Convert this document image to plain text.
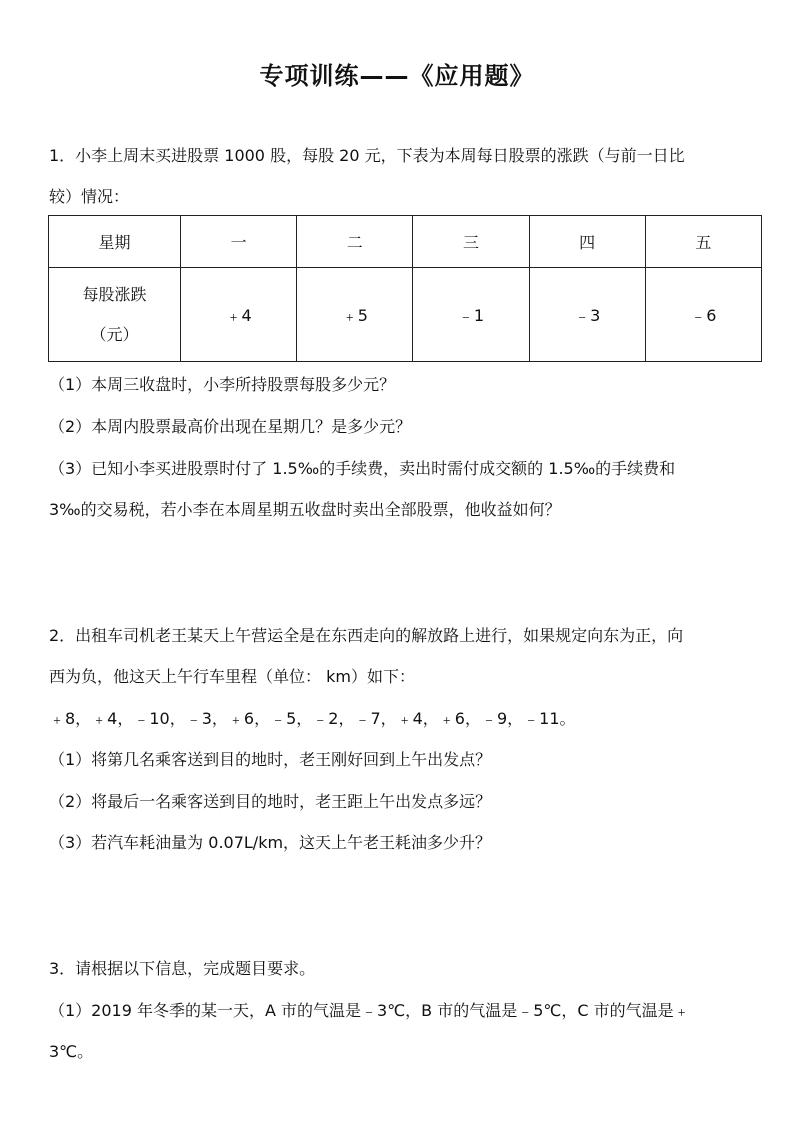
专项训练——《应用题》
1．小李上周末买进股票 1000 股，每股 20 元，下表为本周每日股票的涨跌（与前一日比
较）情况：
星期	一	二	三	四	五

每股涨跌
（元）	﹢4	﹢5	﹣1	﹣3	﹣6
（1）本周三收盘时，小李所持股票每股多少元？
（2）本周内股票最高价出现在星期几？是多少元？
（3）已知小李买进股票时付了 1.5‰的手续费，卖出时需付成交额的 1.5‰的手续费和
3‰的交易税，若小李在本周星期五收盘时卖出全部股票，他收益如何？
2．出租车司机老王某天上午营运全是在东西走向的解放路上进行，如果规定向东为正，向
西为负，他这天上午行车里程（单位： km）如下：
﹢8，﹢4，﹣10，﹣3，﹢6，﹣5，﹣2，﹣7，﹢4，﹢6，﹣9，﹣11。
（1）将第几名乘客送到目的地时，老王刚好回到上午出发点？
（2）将最后一名乘客送到目的地时，老王距上午出发点多远？
（3）若汽车耗油量为 0.07L/km，这天上午老王耗油多少升？
3．请根据以下信息，完成题目要求。
（1）2019 年冬季的某一天，A 市的气温是﹣3℃，B 市的气温是﹣5℃，C 市的气温是﹢
3℃。
